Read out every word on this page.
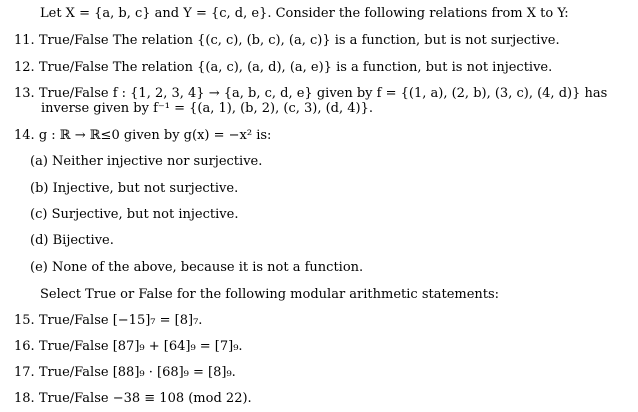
Let X = {a, b, c} and Y = {c, d, e}. Consider the following relations from X to Y:
11. True/False The relation {(c, c), (b, c), (a, c)} is a function, but is not surjective.
12. True/False The relation {(a, c), (a, d), (a, e)} is a function, but is not injective.
13. True/False f : {1, 2, 3, 4} → {a, b, c, d, e} given by f = {(1, a), (2, b), (3, c), (4, d)} has
inverse given by f⁻¹ = {(a, 1), (b, 2), (c, 3), (d, 4)}.
14. g : ℝ → ℝ≤0 given by g(x) = −x² is:
(a) Neither injective nor surjective.
(b) Injective, but not surjective.
(c) Surjective, but not injective.
(d) Bijective.
(e) None of the above, because it is not a function.
Select True or False for the following modular arithmetic statements:
15. True/False [−15]₇ = [8]₇.
16. True/False [87]₉ + [64]₉ = [7]₉.
17. True/False [88]₉ · [68]₉ = [8]₉.
18. True/False −38 ≡ 108 (mod 22).
